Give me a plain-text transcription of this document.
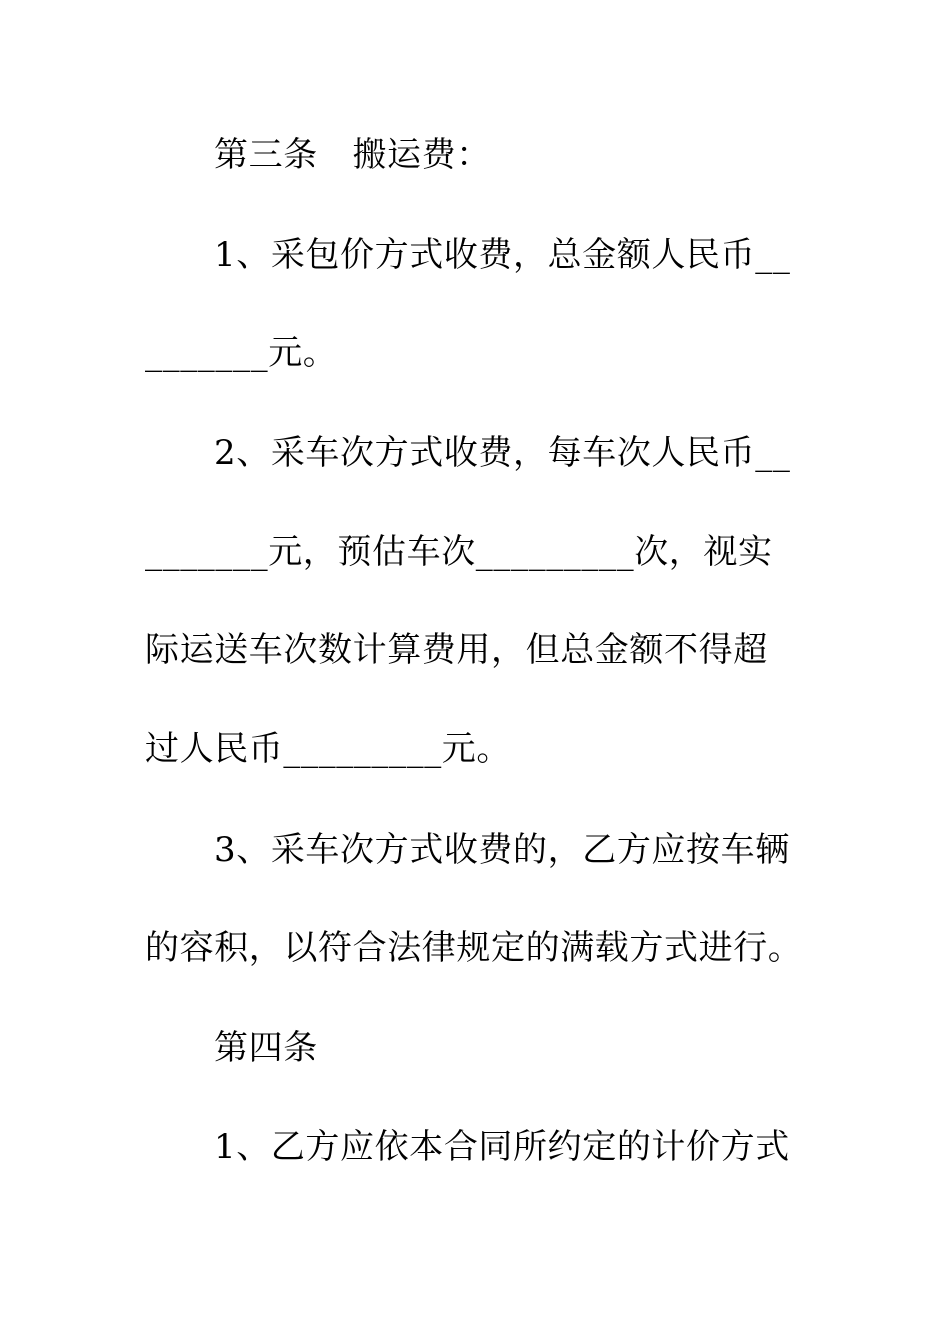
第三条　搬运费：
1、采包价方式收费，总金额人民币__
_______元。
2、采车次方式收费，每车次人民币__
_______元，预估车次_________次，视实
际运送车次数计算费用，但总金额不得超
过人民币_________元。
3、采车次方式收费的，乙方应按车辆
的容积，以符合法律规定的满载方式进行。
第四条
1、乙方应依本合同所约定的计价方式
